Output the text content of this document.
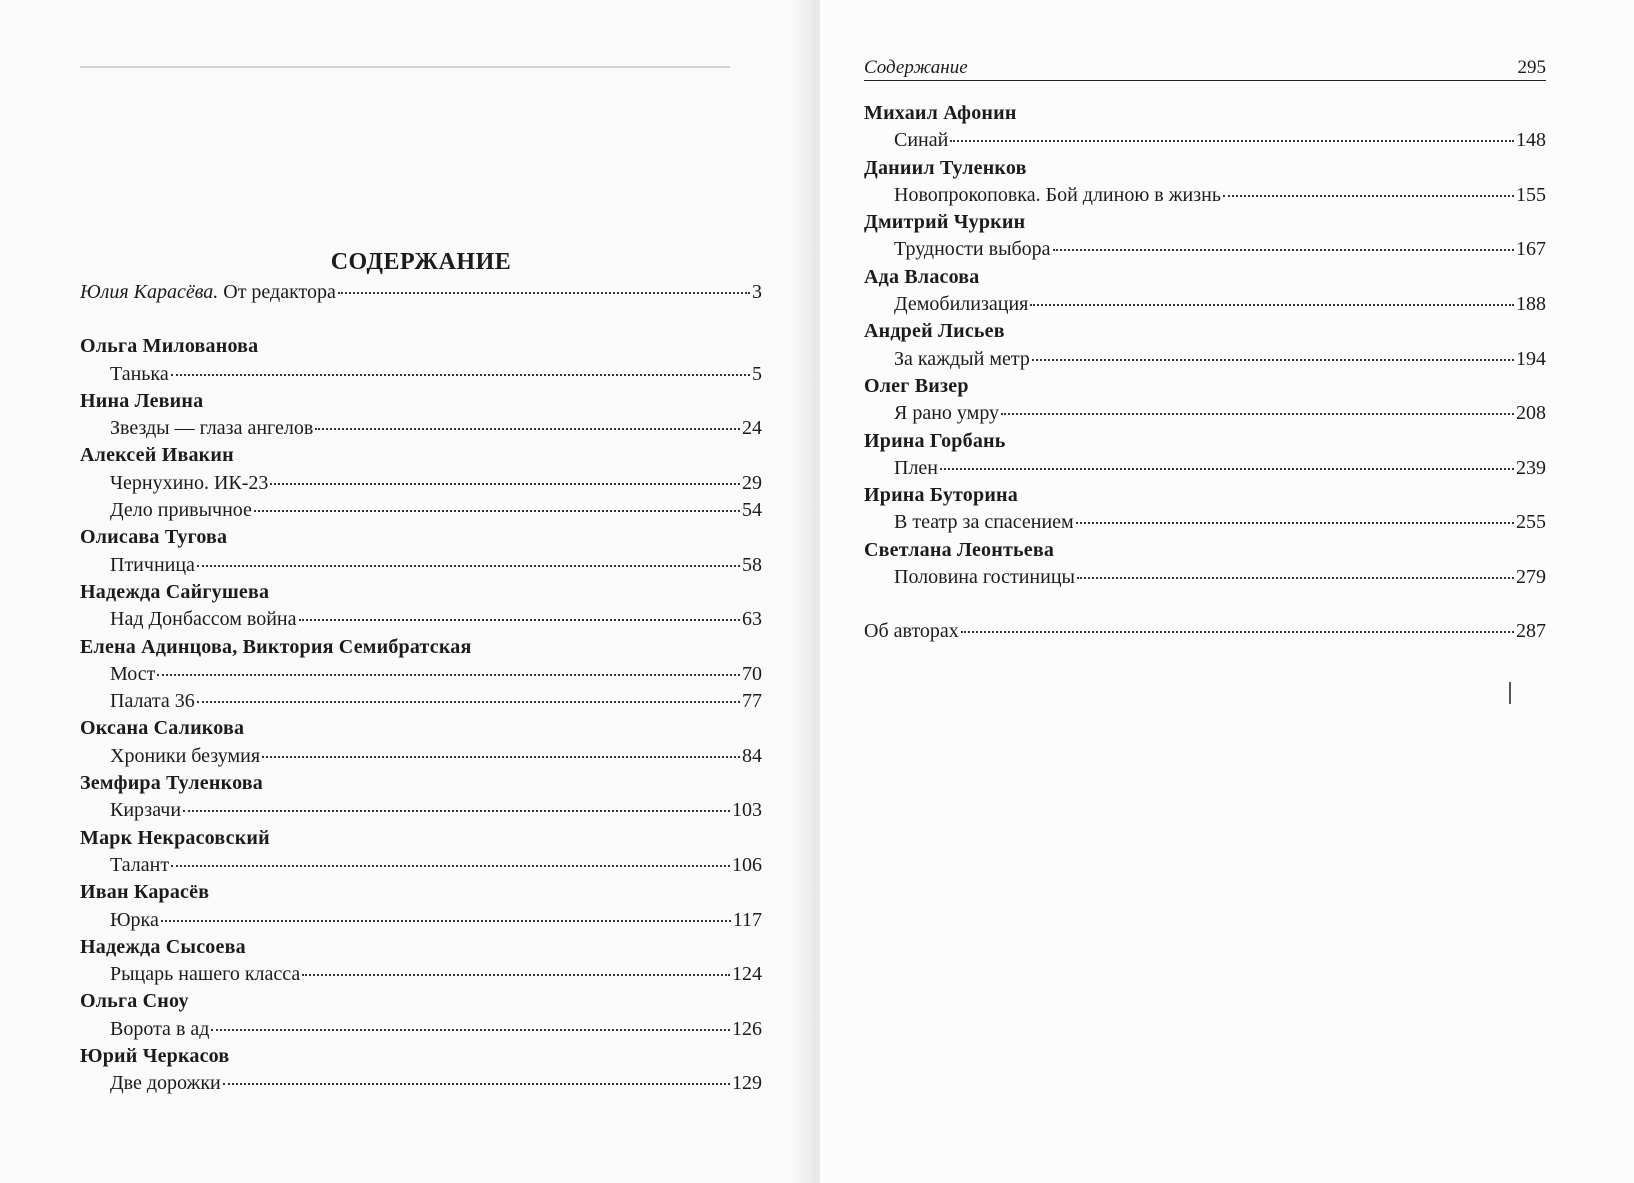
СОДЕРЖАНИЕ
Юлия Карасёва. От редактора	3
Ольга Милованова
Танька	5
Нина Левина
Звезды — глаза ангелов	24
Алексей Ивакин
Чернухино. ИК-23	29
Дело привычное	54
Олисава Тугова
Птичница	58
Надежда Сайгушева
Над Донбассом война	63
Елена Адинцова, Виктория Семибратская
Мост	70
Палата 36	77
Оксана Саликова
Хроники безумия	84
Земфира Туленкова
Кирзачи	103
Марк Некрасовский
Талант	106
Иван Карасёв
Юрка	117
Надежда Сысоева
Рыцарь нашего класса	124
Ольга Сноу
Ворота в ад	126
Юрий Черкасов
Две дорожки	129
Содержание	295
Михаил Афонин
Синай	148
Даниил Туленков
Новопрокоповка. Бой длиною в жизнь	155
Дмитрий Чуркин
Трудности выбора	167
Ада Власова
Демобилизация	188
Андрей Лисьев
За каждый метр	194
Олег Визер
Я рано умру	208
Ирина Горбань
Плен	239
Ирина Буторина
В театр за спасением	255
Светлана Леонтьева
Половина гостиницы	279
Об авторах	287
